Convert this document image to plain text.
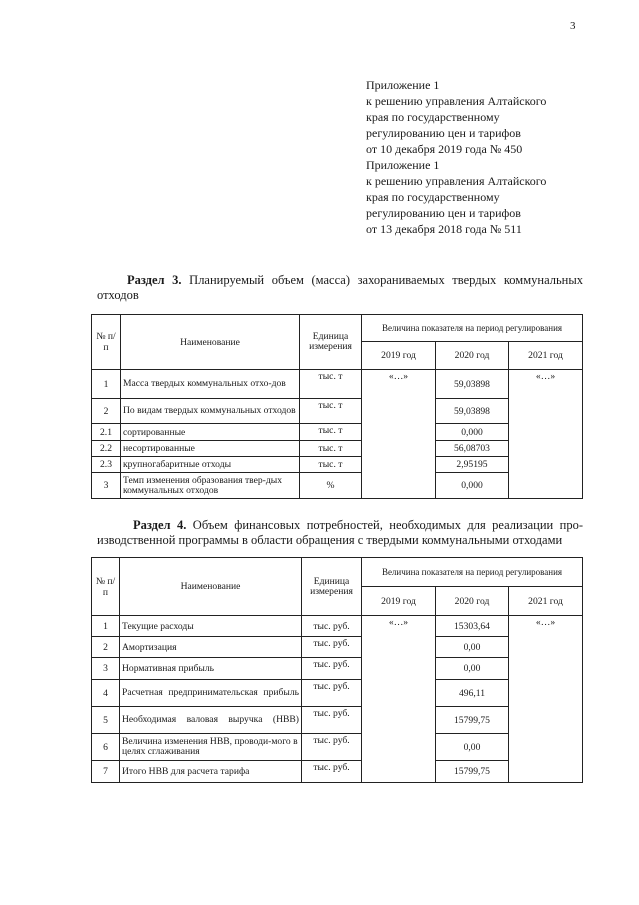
3
Приложение 1
к решению управления Алтайского
края по государственному
регулированию цен и тарифов
от 10 декабря 2019 года № 450
Приложение 1
к решению управления Алтайского
края по государственному
регулированию цен и тарифов
от 13 декабря 2018 года № 511
Раздел 3. Планируемый объем (масса) захораниваемых твердых коммунальных отходов
№ п/п	Наименование	Единица измерения	Величина показателя на период регулирования		
			2019 год	2020 год	2021 год
1	Масса твердых коммунальных отхо-дов	тыс. т	«…»	59,03898	«…»
2	По видам твердых коммунальных отходов	тыс. т		59,03898	
2.1	сортированные	тыс. т		0,000	
2.2	несортированные	тыс. т		56,08703	
2.3	крупногабаритные отходы	тыс. т		2,95195	
3	Темп изменения образования твер-дых коммунальных отходов	%		0,000	
Раздел 4. Объем финансовых потребностей, необходимых для реализации про-изводственной программы в области обращения с твердыми коммунальными отходами
№ п/п	Наименование	Единица измерения	Величина показателя на период регулирования		
			2019 год	2020 год	2021 год
1	Текущие расходы	тыс. руб.	«…»	15303,64	«…»
2	Амортизация	тыс. руб.		0,00	
3	Нормативная прибыль	тыс. руб.		0,00	
4	Расчетная предпринимательская прибыль	тыс. руб.		496,11	
5	Необходимая валовая выручка (НВВ)	тыс. руб.		15799,75	
6	Величина изменения НВВ, проводи-мого в целях сглаживания	тыс. руб.		0,00	
7	Итого НВВ для расчета тарифа	тыс. руб.		15799,75	
